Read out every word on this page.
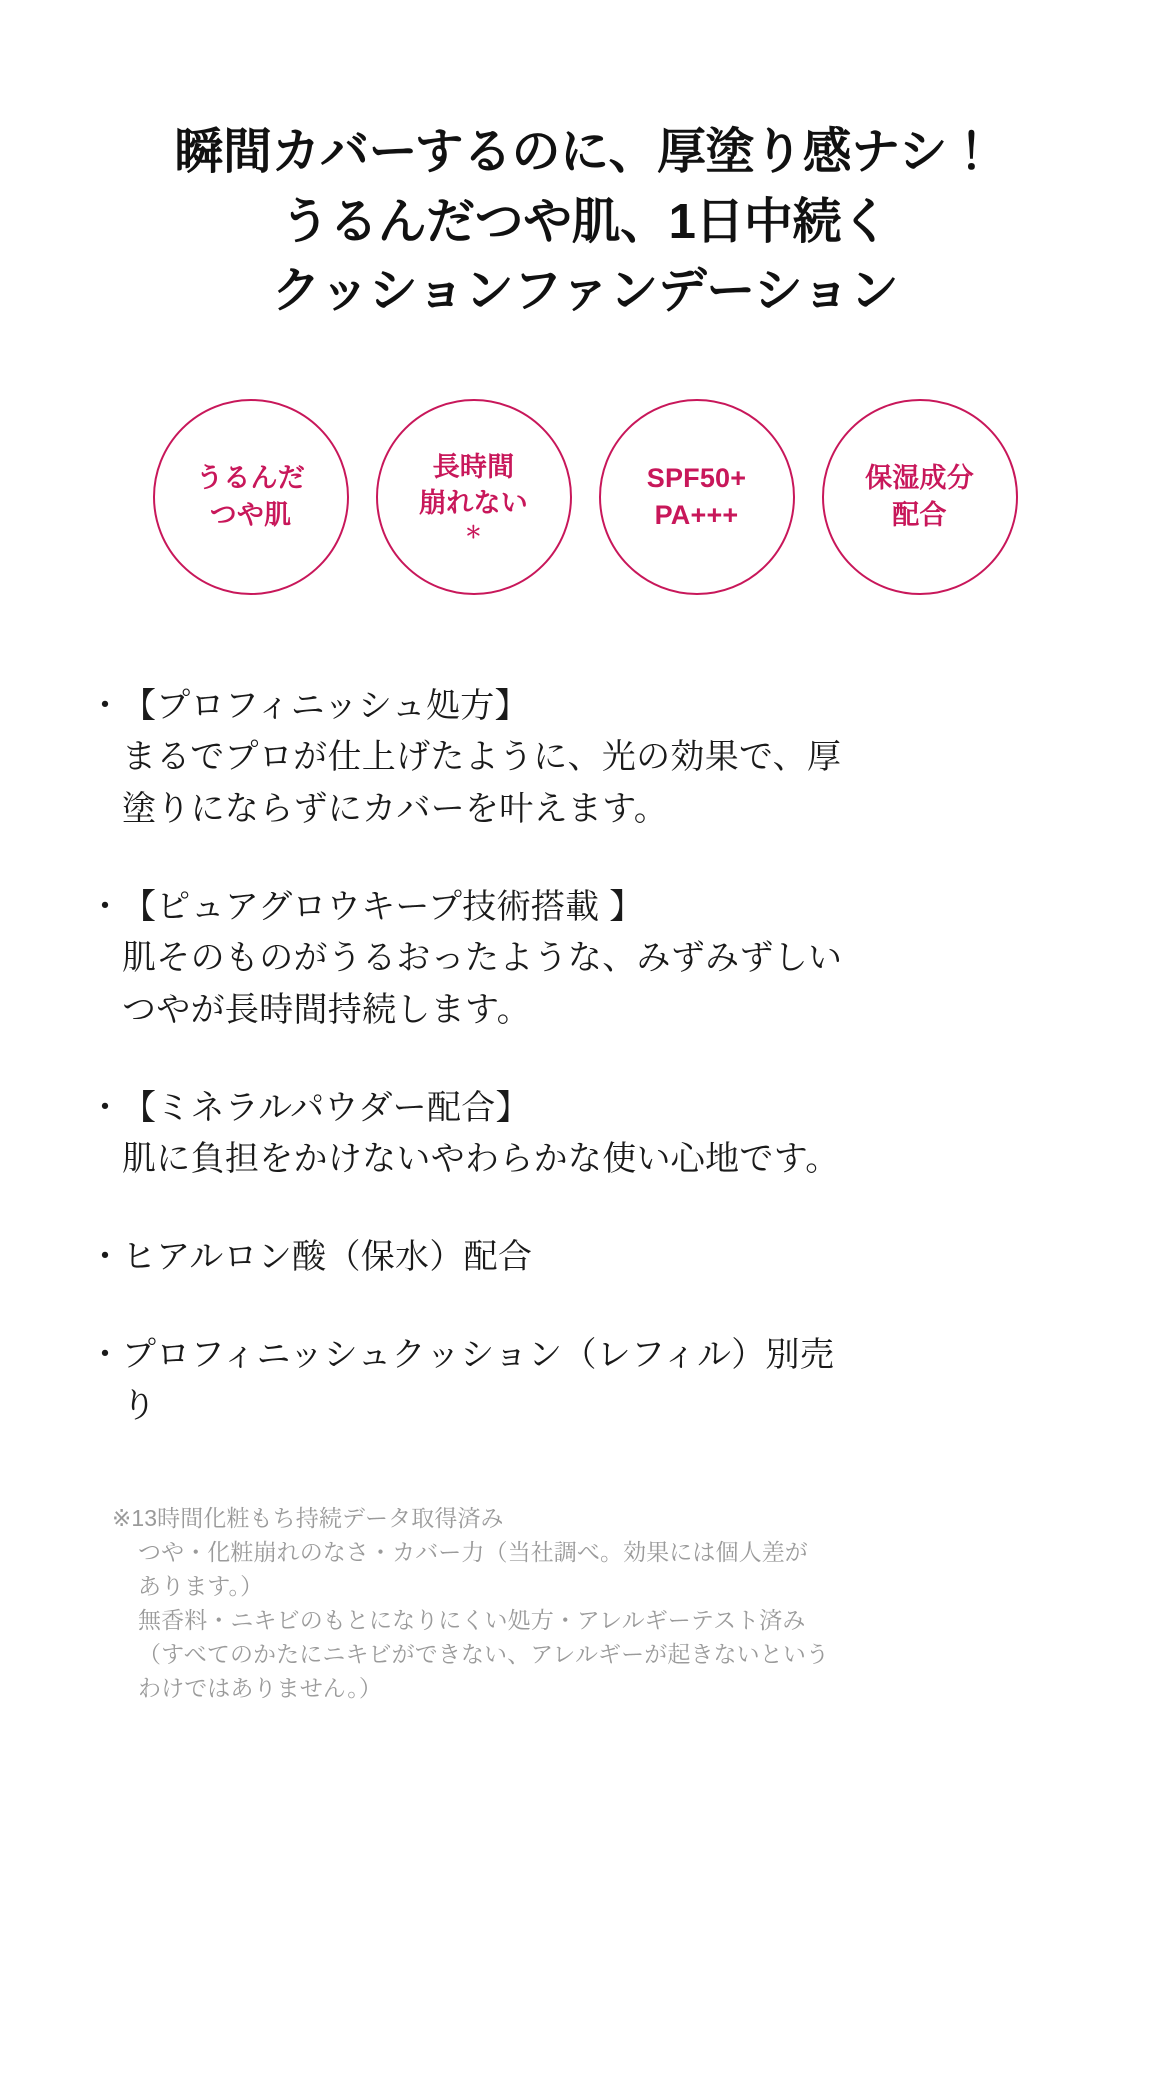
瞬間カバーするのに、厚塗り感ナシ！
うるんだつや肌、1日中続く
クッションファンデーション
うるんだ
つや肌
長時間
崩れない
＊
SPF50+
PA+++
保湿成分
配合
・ 【プロフィニッシュ処方】
まるでプロが仕上げたように、光の効果で、厚
塗りにならずにカバーを叶えます。
・ 【ピュアグロウキープ技術搭載 】
肌そのものがうるおったような、みずみずしい
つやが長時間持続します。
・ 【ミネラルパウダー配合】
肌に負担をかけないやわらかな使い心地です。
・ ヒアルロン酸（保水）配合
・ プロフィニッシュクッション（レフィル）別売
り
※13時間化粧もち持続データ取得済み
つや・化粧崩れのなさ・カバー力（当社調べ。効果には個人差が
あります。）
無香料・ニキビのもとになりにくい処方・アレルギーテスト済み
（すべてのかたにニキビができない、アレルギーが起きないという
わけではありません。）
